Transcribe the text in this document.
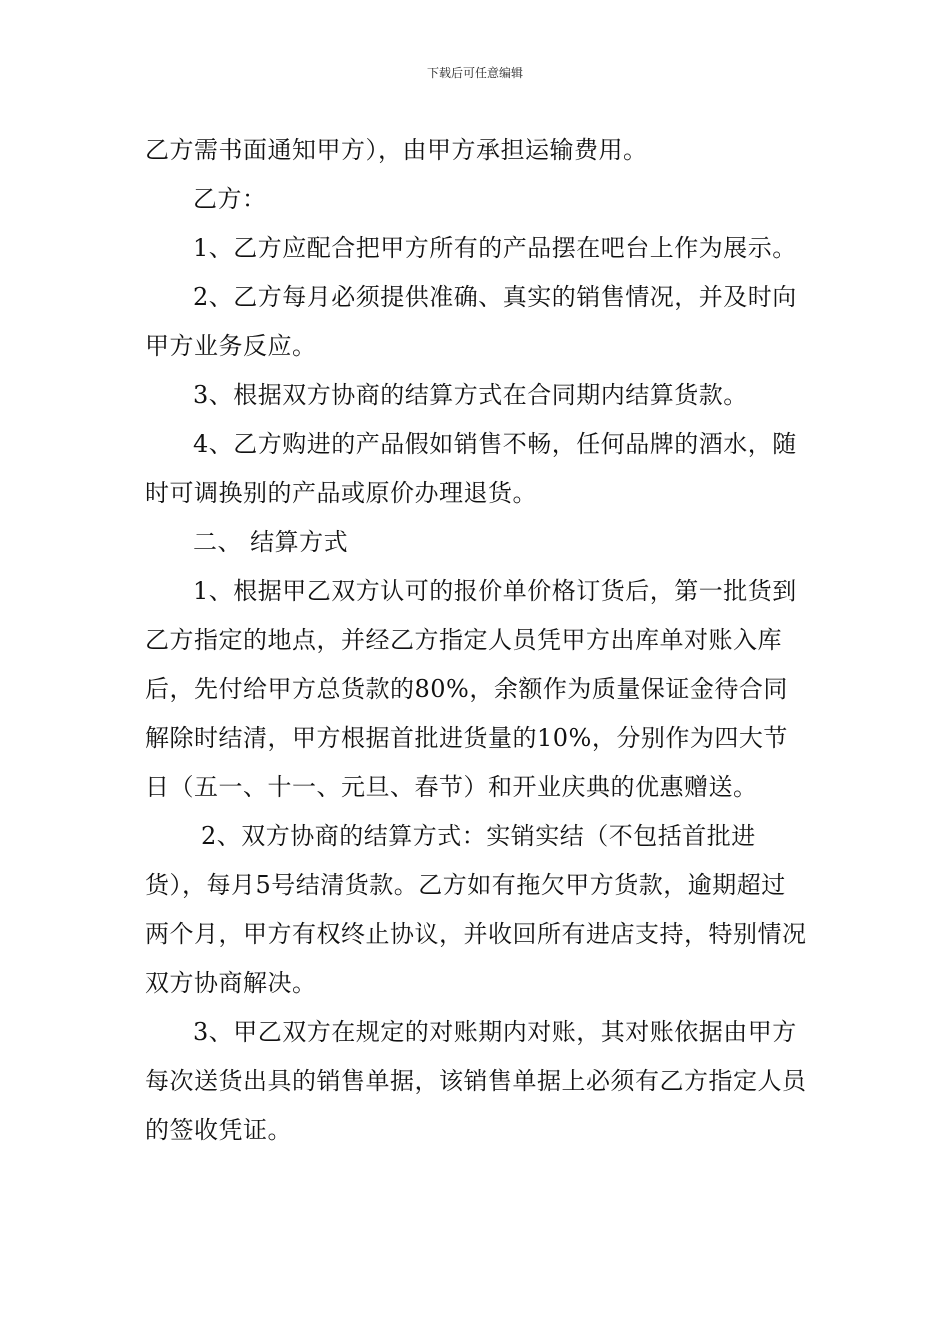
下载后可任意编辑

乙方需书面通知甲方），由甲方承担运输费用。

乙方：

1、乙方应配合把甲方所有的产品摆在吧台上作为展示。

2、乙方每月必须提供准确、真实的销售情况，并及时向甲方业务反应。

3、根据双方协商的结算方式在合同期内结算货款。

4、乙方购进的产品假如销售不畅，任何品牌的酒水，随时可调换别的产品或原价办理退货。

二、 结算方式

1、根据甲乙双方认可的报价单价格订货后，第一批货到乙方指定的地点，并经乙方指定人员凭甲方出库单对账入库后，先付给甲方总货款的80%，余额作为质量保证金待合同解除时结清，甲方根据首批进货量的10%，分别作为四大节日（五一、十一、元旦、春节）和开业庆典的优惠赠送。

2、双方协商的结算方式：实销实结（不包括首批进货），每月5号结清货款。乙方如有拖欠甲方货款，逾期超过两个月，甲方有权终止协议，并收回所有进店支持，特别情况双方协商解决。

3、甲乙双方在规定的对账期内对账，其对账依据由甲方每次送货出具的销售单据，该销售单据上必须有乙方指定人员的签收凭证。
